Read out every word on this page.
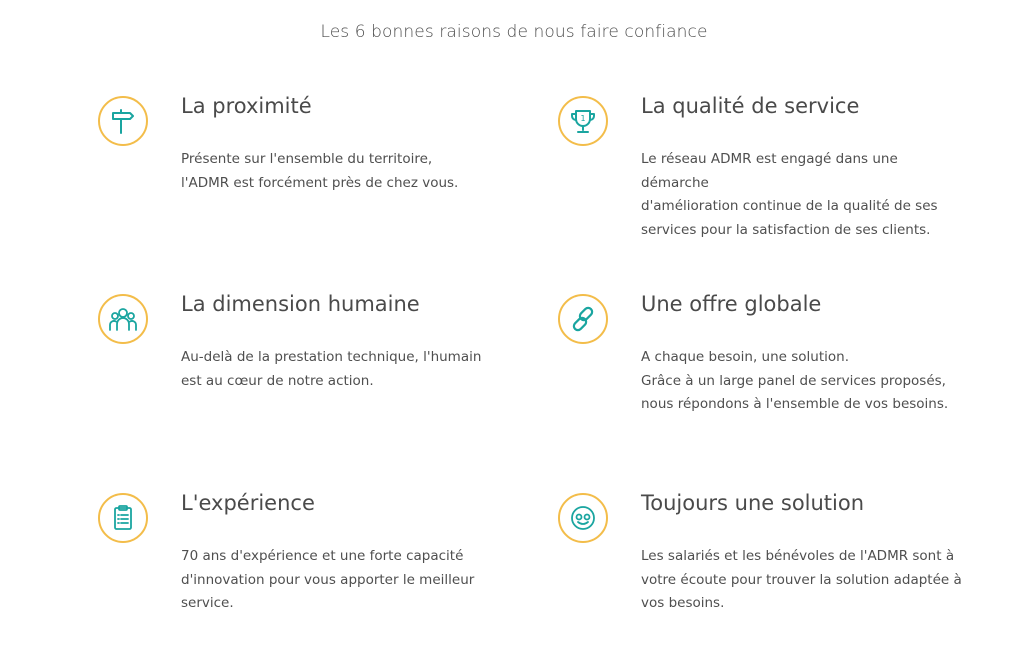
Les 6 bonnes raisons de nous faire confiance
La proximité

Présente sur l'ensemble du territoire,
l'ADMR est forcément près de chez vous.

1
La qualité de service

Le réseau ADMR est engagé dans une
démarche
d'amélioration continue de la qualité de ses
services pour la satisfaction de ses clients.

La dimension humaine

Au-delà de la prestation technique, l'humain
est au cœur de notre action.

Une offre globale

A chaque besoin, une solution.
Grâce à un large panel de services proposés,
nous répondons à l'ensemble de vos besoins.

L'expérience

70 ans d'expérience et une forte capacité
d'innovation pour vous apporter le meilleur
service.

Toujours une solution

Les salariés et les bénévoles de l'ADMR sont à
votre écoute pour trouver la solution adaptée à
vos besoins.
